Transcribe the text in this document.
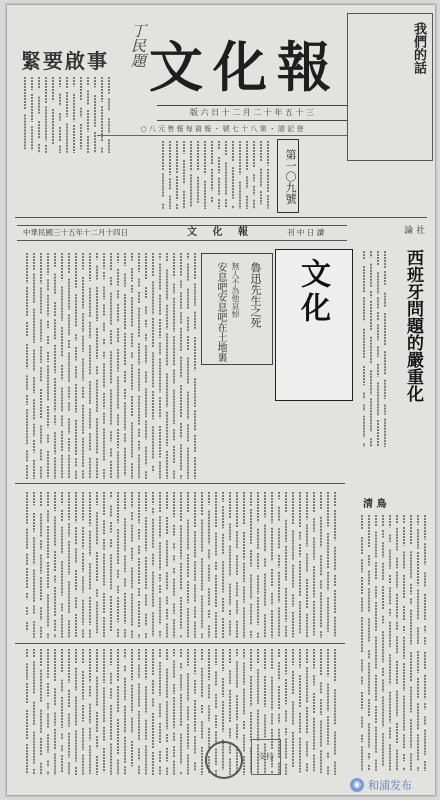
緊要啟事	丁民題 文化報
版 六 日 十 二 月 二 十 年 五 十 三
○ 八 元 售 報 每 資 報 ・ 號 七 十 八 第 ・ 證 記 登
第一〇九號
我們的話
中華民國三十五年十二月十四日	文 化 報	刊 中 日 讀
魯迅先生之死
無人不為他哀悼
安息吧安息吧在土地裏 文化
論 社
西班牙問題的嚴重化
清 鳥
支持
◉ 和浦发布
